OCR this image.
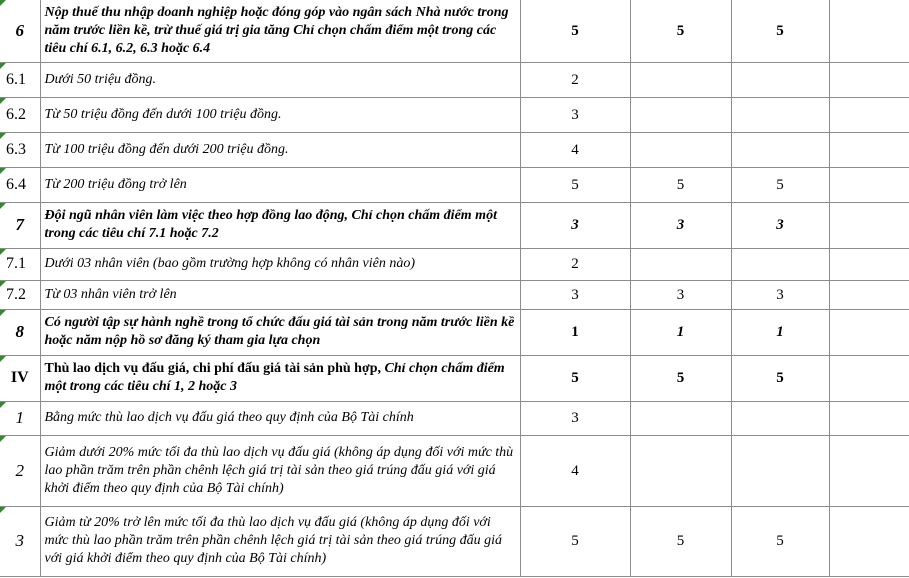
6	Nộp thuế thu nhập doanh nghiệp hoặc đóng góp vào ngân sách Nhà nước trong năm trước liền kề, trừ thuế giá trị gia tăng Chỉ chọn chấm điểm một trong các tiêu chí 6.1, 6.2, 6.3 hoặc 6.4	5	5	5	

6.1	Dưới 50 triệu đồng.	2			

6.2	Từ 50 triệu đồng đến dưới 100 triệu đồng.	3			

6.3	Từ 100 triệu đồng đến dưới 200 triệu đồng.	4			

6.4	Từ 200 triệu đồng trở lên	5	5	5	

7	Đội ngũ nhân viên làm việc theo hợp đồng lao động, Chỉ chọn chấm điểm một trong các tiêu chí 7.1 hoặc 7.2	3	3	3	

7.1	Dưới 03 nhân viên (bao gồm trường hợp không có nhân viên nào)	2			

7.2	Từ 03 nhân viên trở lên	3	3	3	

8	Có người tập sự hành nghề trong tổ chức đấu giá tài sản trong năm trước liền kề hoặc năm nộp hồ sơ đăng ký tham gia lựa chọn	1	1	1	

IV	Thù lao dịch vụ đấu giá, chi phí đấu giá tài sản phù hợp, Chỉ chọn chấm điểm một trong các tiêu chí 1, 2 hoặc 3	5	5	5	

1	Bằng mức thù lao dịch vụ đấu giá theo quy định của Bộ Tài chính	3			

2	Giảm dưới 20% mức tối đa thù lao dịch vụ đấu giá (không áp dụng đối với mức thù lao phần trăm trên phần chênh lệch giá trị tài sản theo giá trúng đấu giá với giá khởi điểm theo quy định của Bộ Tài chính)	4			

3	Giảm từ 20% trở lên mức tối đa thù lao dịch vụ đấu giá (không áp dụng đối với mức thù lao phần trăm trên phần chênh lệch giá trị tài sản theo giá trúng đấu giá với giá khởi điểm theo quy định của Bộ Tài chính)	5	5	5	
